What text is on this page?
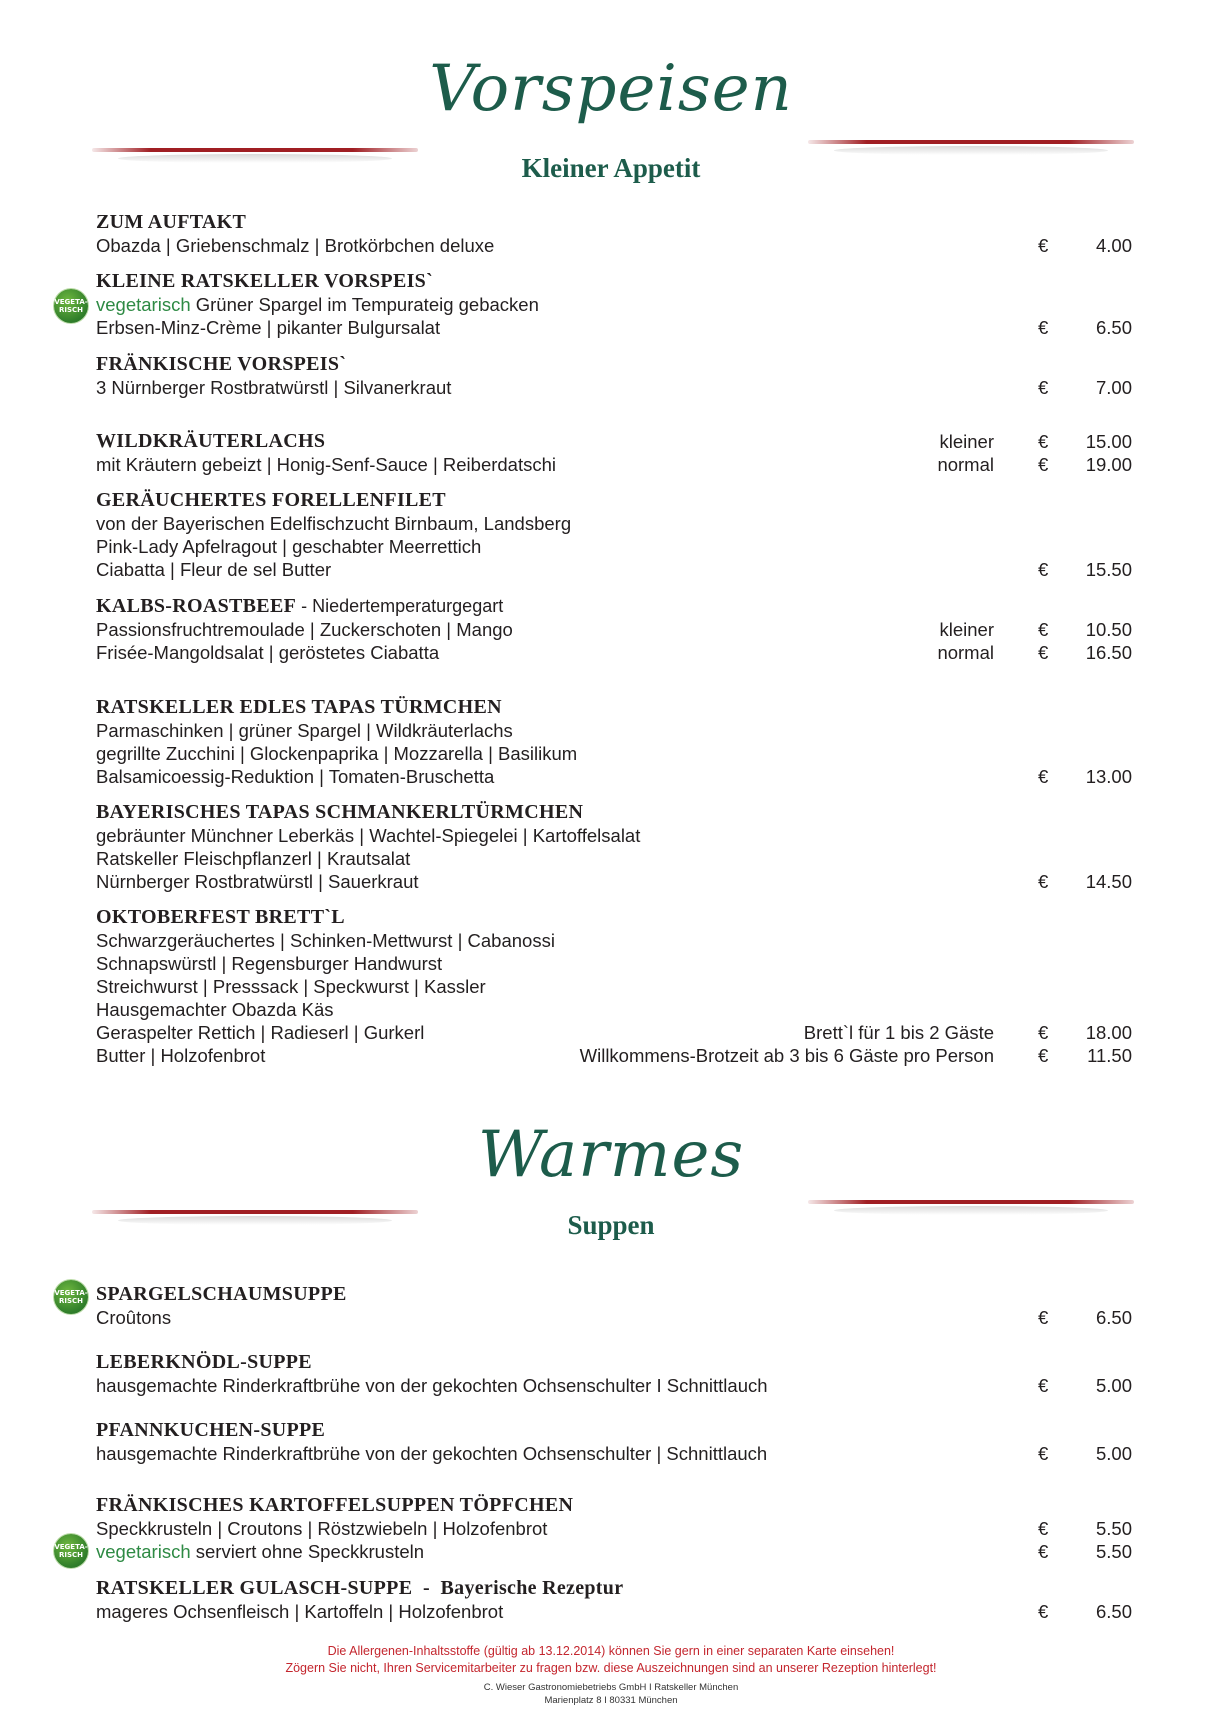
Vorspeisen
Kleiner Appetit
ZUM AUFTAKT
Obazda | Griebenschmalz | Brotkörbchen deluxe	€	4.00
VEGETA-
RISCH
KLEINE RATSKELLER VORSPEIS`
vegetarisch Grüner Spargel im Tempurateig gebacken
Erbsen-Minz-Crème | pikanter Bulgursalat	€	6.50
FRÄNKISCHE VORSPEIS`
3 Nürnberger Rostbratwürstl | Silvanerkraut	€	7.00
WILDKRÄUTERLACHS	kleiner € 15.00
mit Kräutern gebeizt | Honig-Senf-Sauce | Reiberdatschi	normal € 19.00
GERÄUCHERTES FORELLENFILET
von der Bayerischen Edelfischzucht Birnbaum, Landsberg
Pink-Lady Apfelragout | geschabter Meerrettich
Ciabatta | Fleur de sel Butter	€ 15.50
KALBS-ROASTBEEF - Niedertemperaturgegart
Passionsfruchtremoulade | Zuckerschoten | Mango	kleiner € 10.50
Frisée-Mangoldsalat | geröstetes Ciabatta	normal € 16.50
RATSKELLER EDLES TAPAS TÜRMCHEN
Parmaschinken | grüner Spargel | Wildkräuterlachs
gegrillte Zucchini | Glockenpaprika | Mozzarella | Basilikum
Balsamicoessig-Reduktion | Tomaten-Bruschetta	€ 13.00
BAYERISCHES TAPAS SCHMANKERLTÜRMCHEN
gebräunter Münchner Leberkäs | Wachtel-Spiegelei | Kartoffelsalat
Ratskeller Fleischpflanzerl | Krautsalat
Nürnberger Rostbratwürstl | Sauerkraut	€ 14.50
OKTOBERFEST BRETT`L
Schwarzgeräuchertes | Schinken-Mettwurst | Cabanossi
Schnapswürstl | Regensburger Handwurst
Streichwurst | Presssack | Speckwurst | Kassler
Hausgemachter Obazda Käs
Geraspelter Rettich | Radieserl | Gurkerl	Brett`l für 1 bis 2 Gäste € 18.00
Butter | Holzofenbrot	Willkommens-Brotzeit ab 3 bis 6 Gäste pro Person € 11.50
Warmes
Suppen
VEGETA-
RISCH SPARGELSCHAUMSUPPE
Croûtons	€	6.50
LEBERKNÖDL-SUPPE
hausgemachte Rinderkraftbrühe von der gekochten Ochsenschulter I Schnittlauch	€	5.00
PFANNKUCHEN-SUPPE
hausgemachte Rinderkraftbrühe von der gekochten Ochsenschulter | Schnittlauch	€	5.00
FRÄNKISCHES KARTOFFELSUPPEN TÖPFCHEN
Speckkrusteln | Croutons | Röstzwiebeln | Holzofenbrot	€	5.50
VEGETA-
RISCH vegetarisch serviert ohne Speckkrusteln	€	5.50
RATSKELLER GULASCH-SUPPE  -  Bayerische Rezeptur
mageres Ochsenfleisch | Kartoffeln | Holzofenbrot	€	6.50
Die Allergenen-Inhaltsstoffe (gültig ab 13.12.2014) können Sie gern in einer separaten Karte einsehen!
Zögern Sie nicht, Ihren Servicemitarbeiter zu fragen bzw. diese Auszeichnungen sind an unserer Rezeption hinterlegt!
C. Wieser Gastronomiebetriebs GmbH I Ratskeller München
Marienplatz 8 I 80331 München
